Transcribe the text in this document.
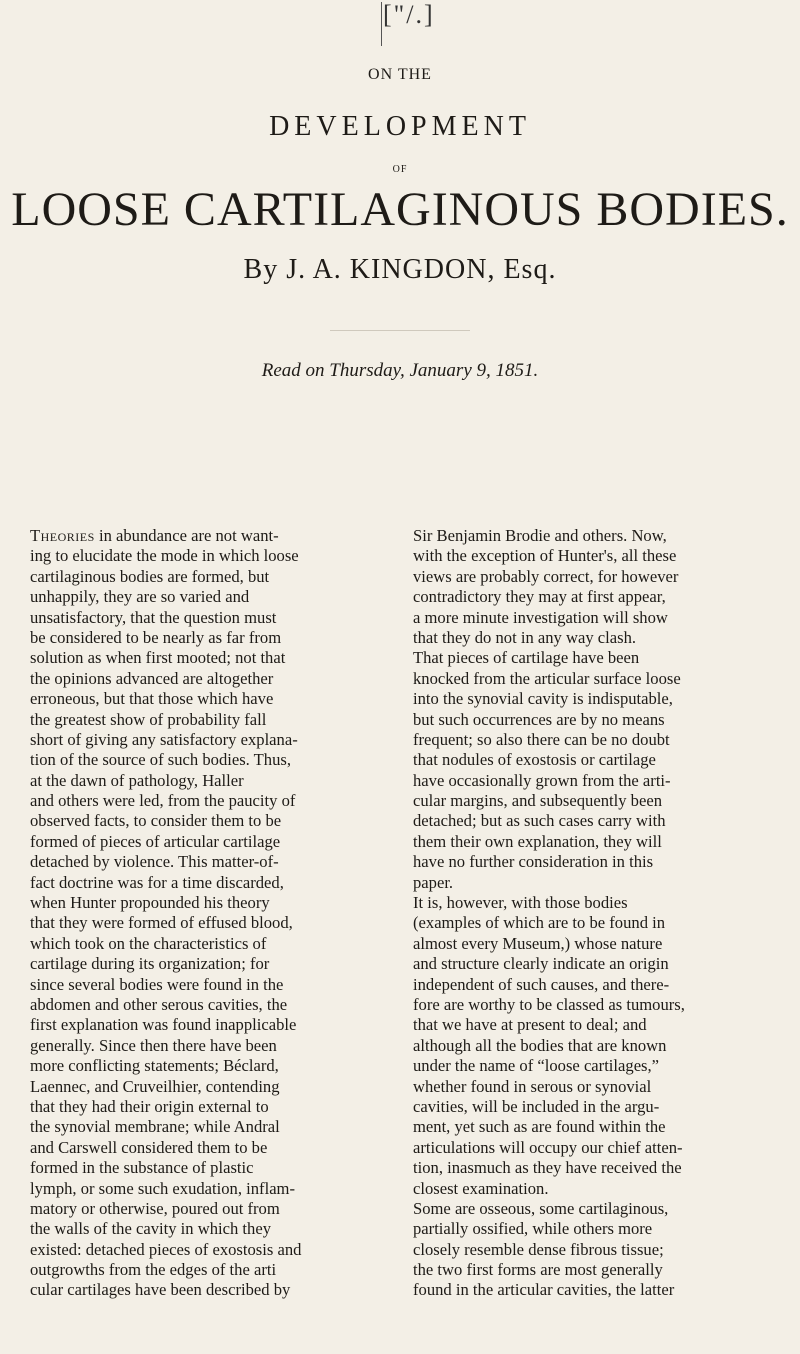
["/.]
ON THE
DEVELOPMENT
OF
LOOSE CARTILAGINOUS BODIES.
By J. A. KINGDON, Esq.
Read on Thursday, January 9, 1851.
Theories in abundance are not want-
ing to elucidate the mode in which loose
cartilaginous bodies are formed, but
unhappily, they are so varied and
unsatisfactory, that the question must
be considered to be nearly as far from
solution as when first mooted; not that
the opinions advanced are altogether
erroneous, but that those which have
the greatest show of probability fall
short of giving any satisfactory explana-
tion of the source of such bodies. Thus,
at the dawn of pathology, Haller
and others were led, from the paucity of
observed facts, to consider them to be
formed of pieces of articular cartilage
detached by violence. This matter-of-
fact doctrine was for a time discarded,
when Hunter propounded his theory
that they were formed of effused blood,
which took on the characteristics of
cartilage during its organization; for
since several bodies were found in the
abdomen and other serous cavities, the
first explanation was found inapplicable
generally. Since then there have been
more conflicting statements; Béclard,
Laennec, and Cruveilhier, contending
that they had their origin external to
the synovial membrane; while Andral
and Carswell considered them to be
formed in the substance of plastic
lymph, or some such exudation, inflam-
matory or otherwise, poured out from
the walls of the cavity in which they
existed: detached pieces of exostosis and
outgrowths from the edges of the arti
cular cartilages have been described by
Sir Benjamin Brodie and others. Now,
with the exception of Hunter's, all these
views are probably correct, for however
contradictory they may at first appear,
a more minute investigation will show
that they do not in any way clash.
That pieces of cartilage have been
knocked from the articular surface loose
into the synovial cavity is indisputable,
but such occurrences are by no means
frequent; so also there can be no doubt
that nodules of exostosis or cartilage
have occasionally grown from the arti-
cular margins, and subsequently been
detached; but as such cases carry with
them their own explanation, they will
have no further consideration in this
paper.
It is, however, with those bodies
(examples of which are to be found in
almost every Museum,) whose nature
and structure clearly indicate an origin
independent of such causes, and there-
fore are worthy to be classed as tumours,
that we have at present to deal; and
although all the bodies that are known
under the name of “loose cartilages,”
whether found in serous or synovial
cavities, will be included in the argu-
ment, yet such as are found within the
articulations will occupy our chief atten-
tion, inasmuch as they have received the
closest examination.
Some are osseous, some cartilaginous,
partially ossified, while others more
closely resemble dense fibrous tissue;
the two first forms are most generally
found in the articular cavities, the latter
